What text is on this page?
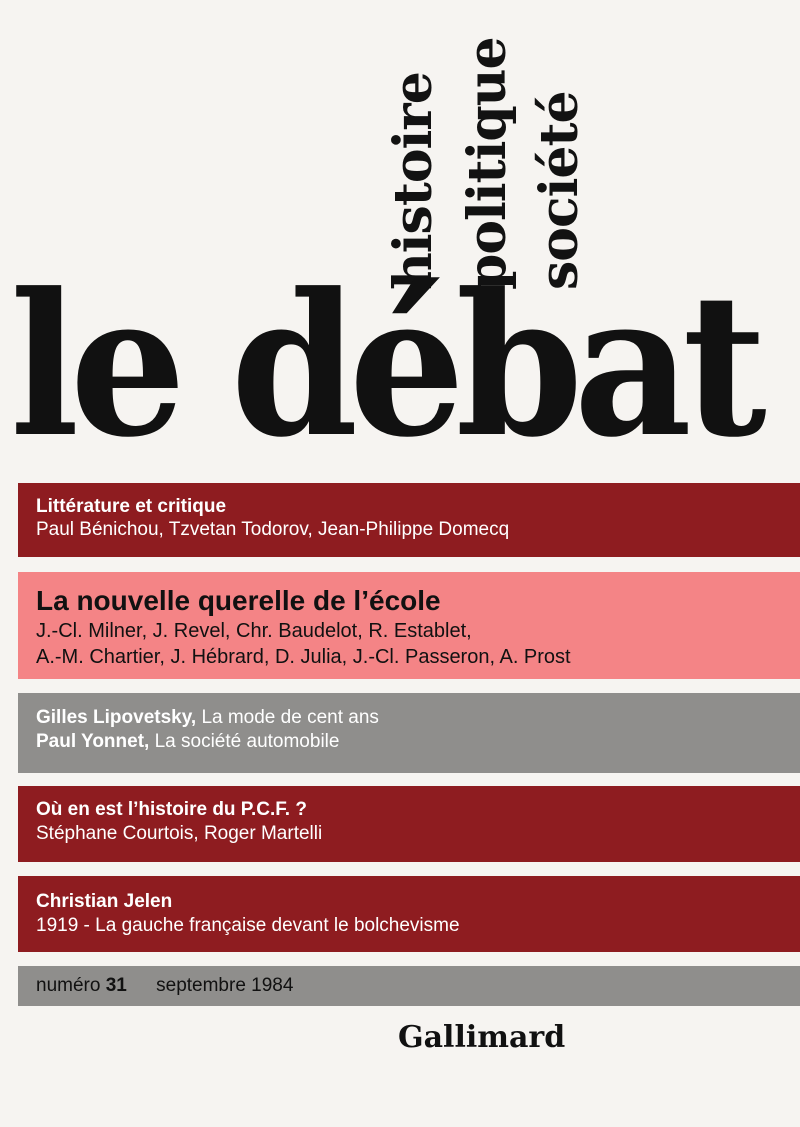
histoire politique société
le débat
Littérature et critique
Paul Bénichou, Tzvetan Todorov, Jean-Philippe Domecq
La nouvelle querelle de l’école
J.-Cl. Milner, J. Revel, Chr. Baudelot, R. Establet,
A.-M. Chartier, J. Hébrard, D. Julia, J.-Cl. Passeron, A. Prost
Gilles Lipovetsky, La mode de cent ans
Paul Yonnet, La société automobile
Où en est l’histoire du P.C.F. ?
Stéphane Courtois, Roger Martelli
Christian Jelen
1919 - La gauche française devant le bolchevisme
numéro 31 septembre 1984
Gallimard
